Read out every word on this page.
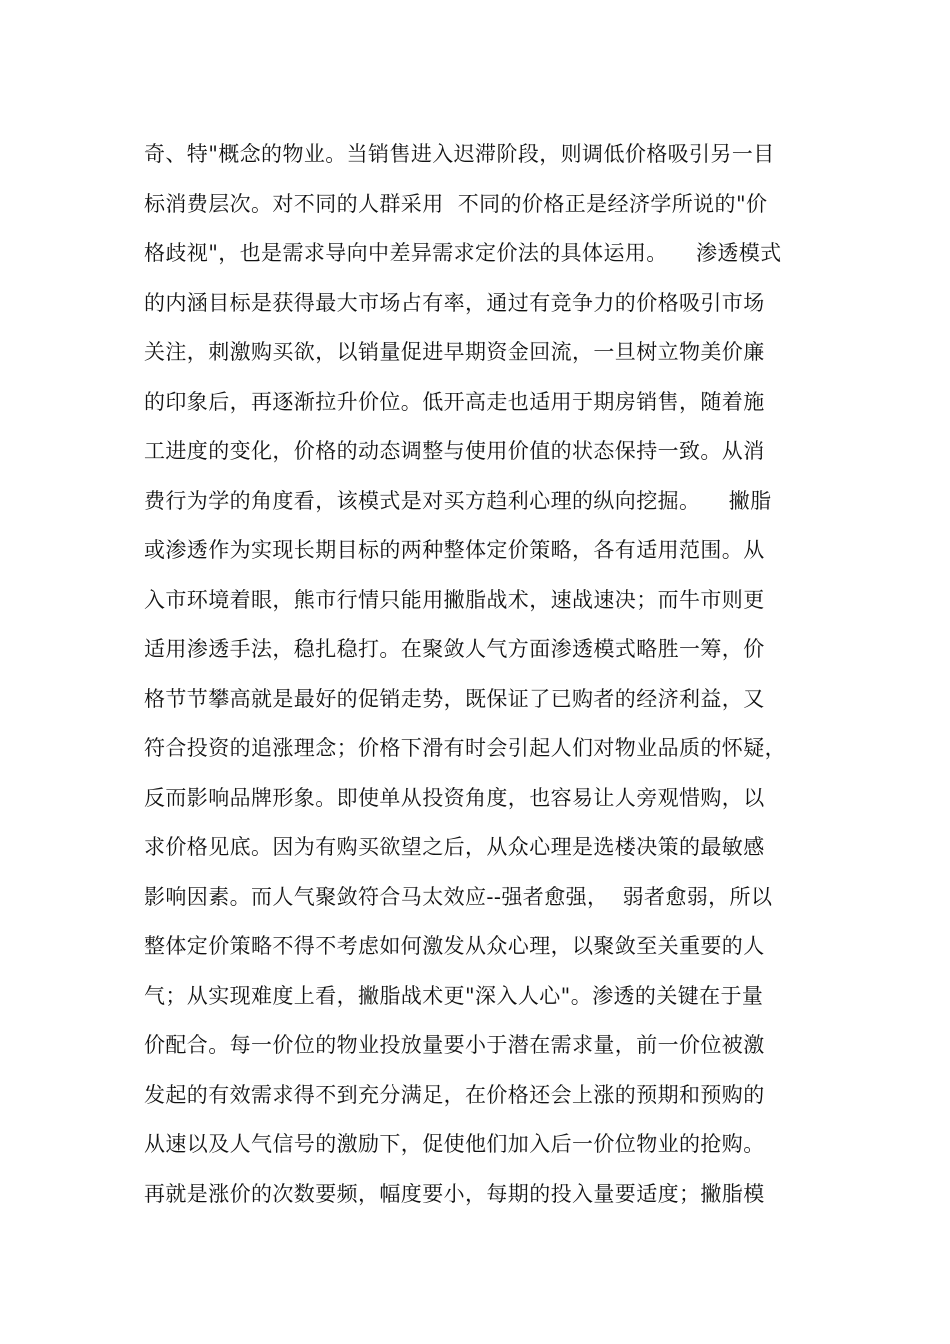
奇、特"概念的物业。当销售进入迟滞阶段，则调低价格吸引另一目
标消费层次。对不同的人群采用  不同的价格正是经济学所说的"价
格歧视"，也是需求导向中差异需求定价法的具体运用。    渗透模式
的内涵目标是获得最大市场占有率，通过有竞争力的价格吸引市场
关注，刺激购买欲，以销量促进早期资金回流，一旦树立物美价廉
的印象后，再逐渐拉升价位。低开高走也适用于期房销售，随着施
工进度的变化，价格的动态调整与使用价值的状态保持一致。从消
费行为学的角度看，该模式是对买方趋利心理的纵向挖掘。    撇脂
或渗透作为实现长期目标的两种整体定价策略，各有适用范围。从
入市环境着眼，熊市行情只能用撇脂战术，速战速决；而牛市则更
适用渗透手法，稳扎稳打。在聚敛人气方面渗透模式略胜一筹，价
格节节攀高就是最好的促销走势，既保证了已购者的经济利益，又
符合投资的追涨理念；价格下滑有时会引起人们对物业品质的怀疑，
反而影响品牌形象。即使单从投资角度，也容易让人旁观惜购，以
求价格见底。因为有购买欲望之后，从众心理是选楼决策的最敏感
影响因素。而人气聚敛符合马太效应--强者愈强，  弱者愈弱，所以
整体定价策略不得不考虑如何激发从众心理，以聚敛至关重要的人
气；从实现难度上看，撇脂战术更"深入人心"。渗透的关键在于量
价配合。每一价位的物业投放量要小于潜在需求量，前一价位被激
发起的有效需求得不到充分满足，在价格还会上涨的预期和预购的
从速以及人气信号的激励下，促使他们加入后一价位物业的抢购。
再就是涨价的次数要频，幅度要小，每期的投入量要适度；撇脂模
